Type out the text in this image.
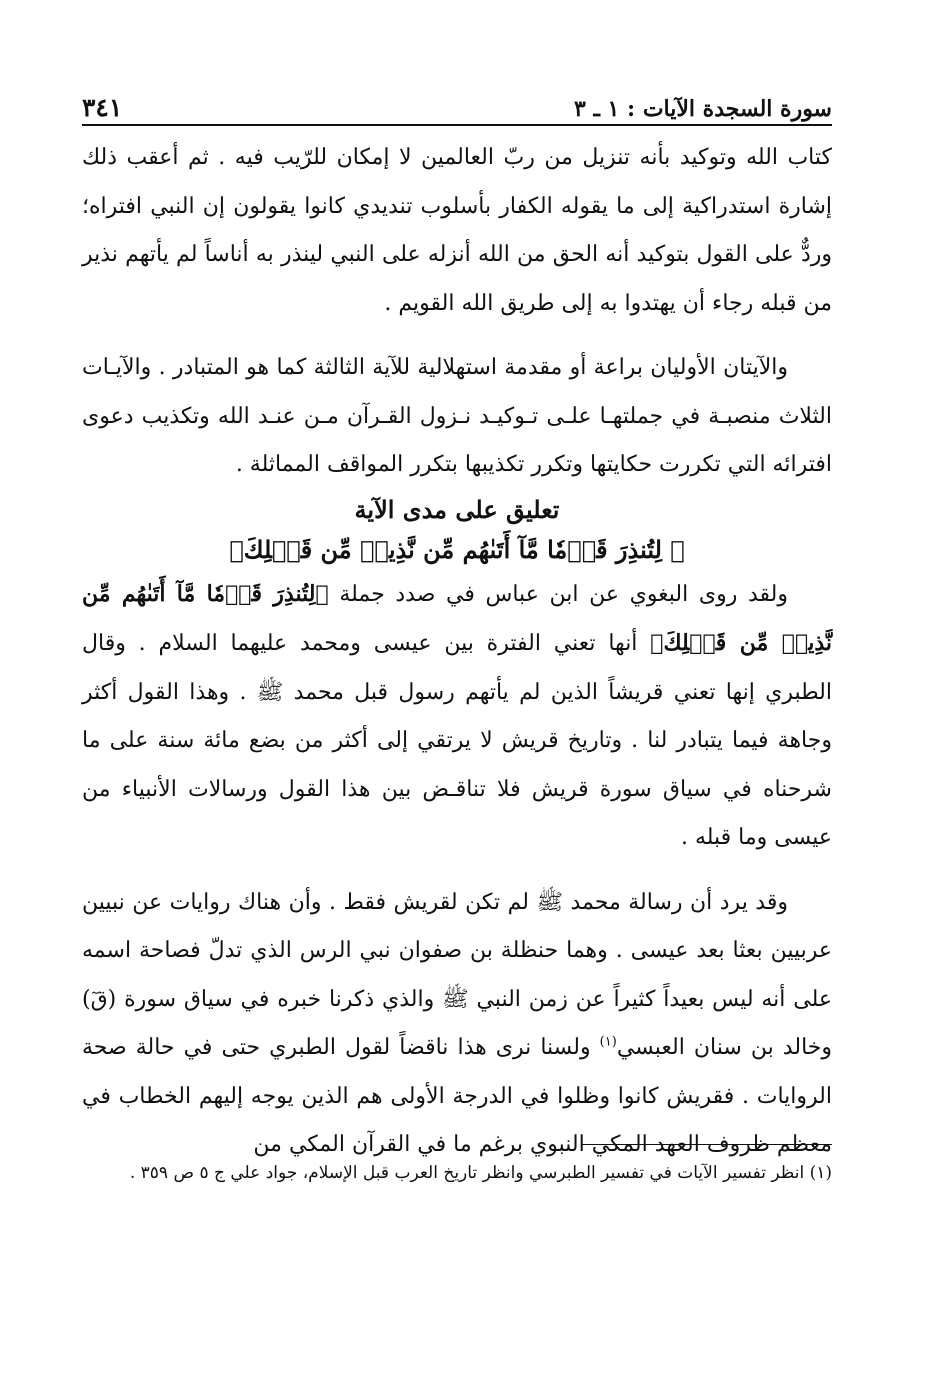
سورة السجدة الآيات : ١ ـ ٣
٣٤١

كتاب الله وتوكيد بأنه تنزيل من ربّ العالمين لا إمكان للرّيب فيه . ثم أعقب ذلك إشارة استدراكية إلى ما يقوله الكفار بأسلوب تنديدي كانوا يقولون إن النبي افتراه؛ وردٌّ على القول بتوكيد أنه الحق من الله أنزله على النبي لينذر به أناساً لم يأتهم نذير من قبله رجاء أن يهتدوا به إلى طريق الله القويم .

والآيتان الأوليان براعة أو مقدمة استهلالية للآية الثالثة كما هو المتبادر . والآيـات الثلاث منصبـة في جملتهـا علـى تـوكيـد نـزول القـرآن مـن عنـد الله وتكذيب دعوى افترائه التي تكررت حكايتها وتكرر تكذيبها بتكرر المواقف المماثلة .

تعليق على مدى الآية

﴿ لِتُنذِرَ قَوۡمٗا مَّآ أَتَىٰهُم مِّن نَّذِيرٖ مِّن قَبۡلِكَ﴾

ولقد روى البغوي عن ابن عباس في صدد جملة ﴿لِتُنذِرَ قَوۡمٗا مَّآ أَتَىٰهُم مِّن نَّذِيرٖ مِّن قَبۡلِكَ﴾ أنها تعني الفترة بين عيسى ومحمد عليهما السلام . وقال الطبري إنها تعني قريشاً الذين لم يأتهم رسول قبل محمد ﷺ . وهذا القول أكثر وجاهة فيما يتبادر لنا . وتاريخ قريش لا يرتقي إلى أكثر من بضع مائة سنة على ما شرحناه في سياق سورة قريش فلا تناقـض بين هذا القول ورسالات الأنبياء من عيسى وما قبله .

وقد يرد أن رسالة محمد ﷺ لم تكن لقريش فقط . وأن هناك روايات عن نبيين عربيين بعثا بعد عيسى . وهما حنظلة بن صفوان نبي الرس الذي تدلّ فصاحة اسمه على أنه ليس بعيداً كثيراً عن زمن النبي ﷺ والذي ذكرنا خبره في سياق سورة (قٓ) وخالد بن سنان العبسي$^{(١)}$ ولسنا نرى هذا ناقضاً لقول الطبري حتى في حالة صحة الروايات . فقريش كانوا وظلوا في الدرجة الأولى هم الذين يوجه إليهم الخطاب في معظم ظروف العهد المكي النبوي برغم ما في القرآن المكي من

(١) انظر تفسير الآيات في تفسير الطبرسي وانظر تاريخ العرب قبل الإسلام، جواد علي ج ٥ ص ٣٥٩ .
